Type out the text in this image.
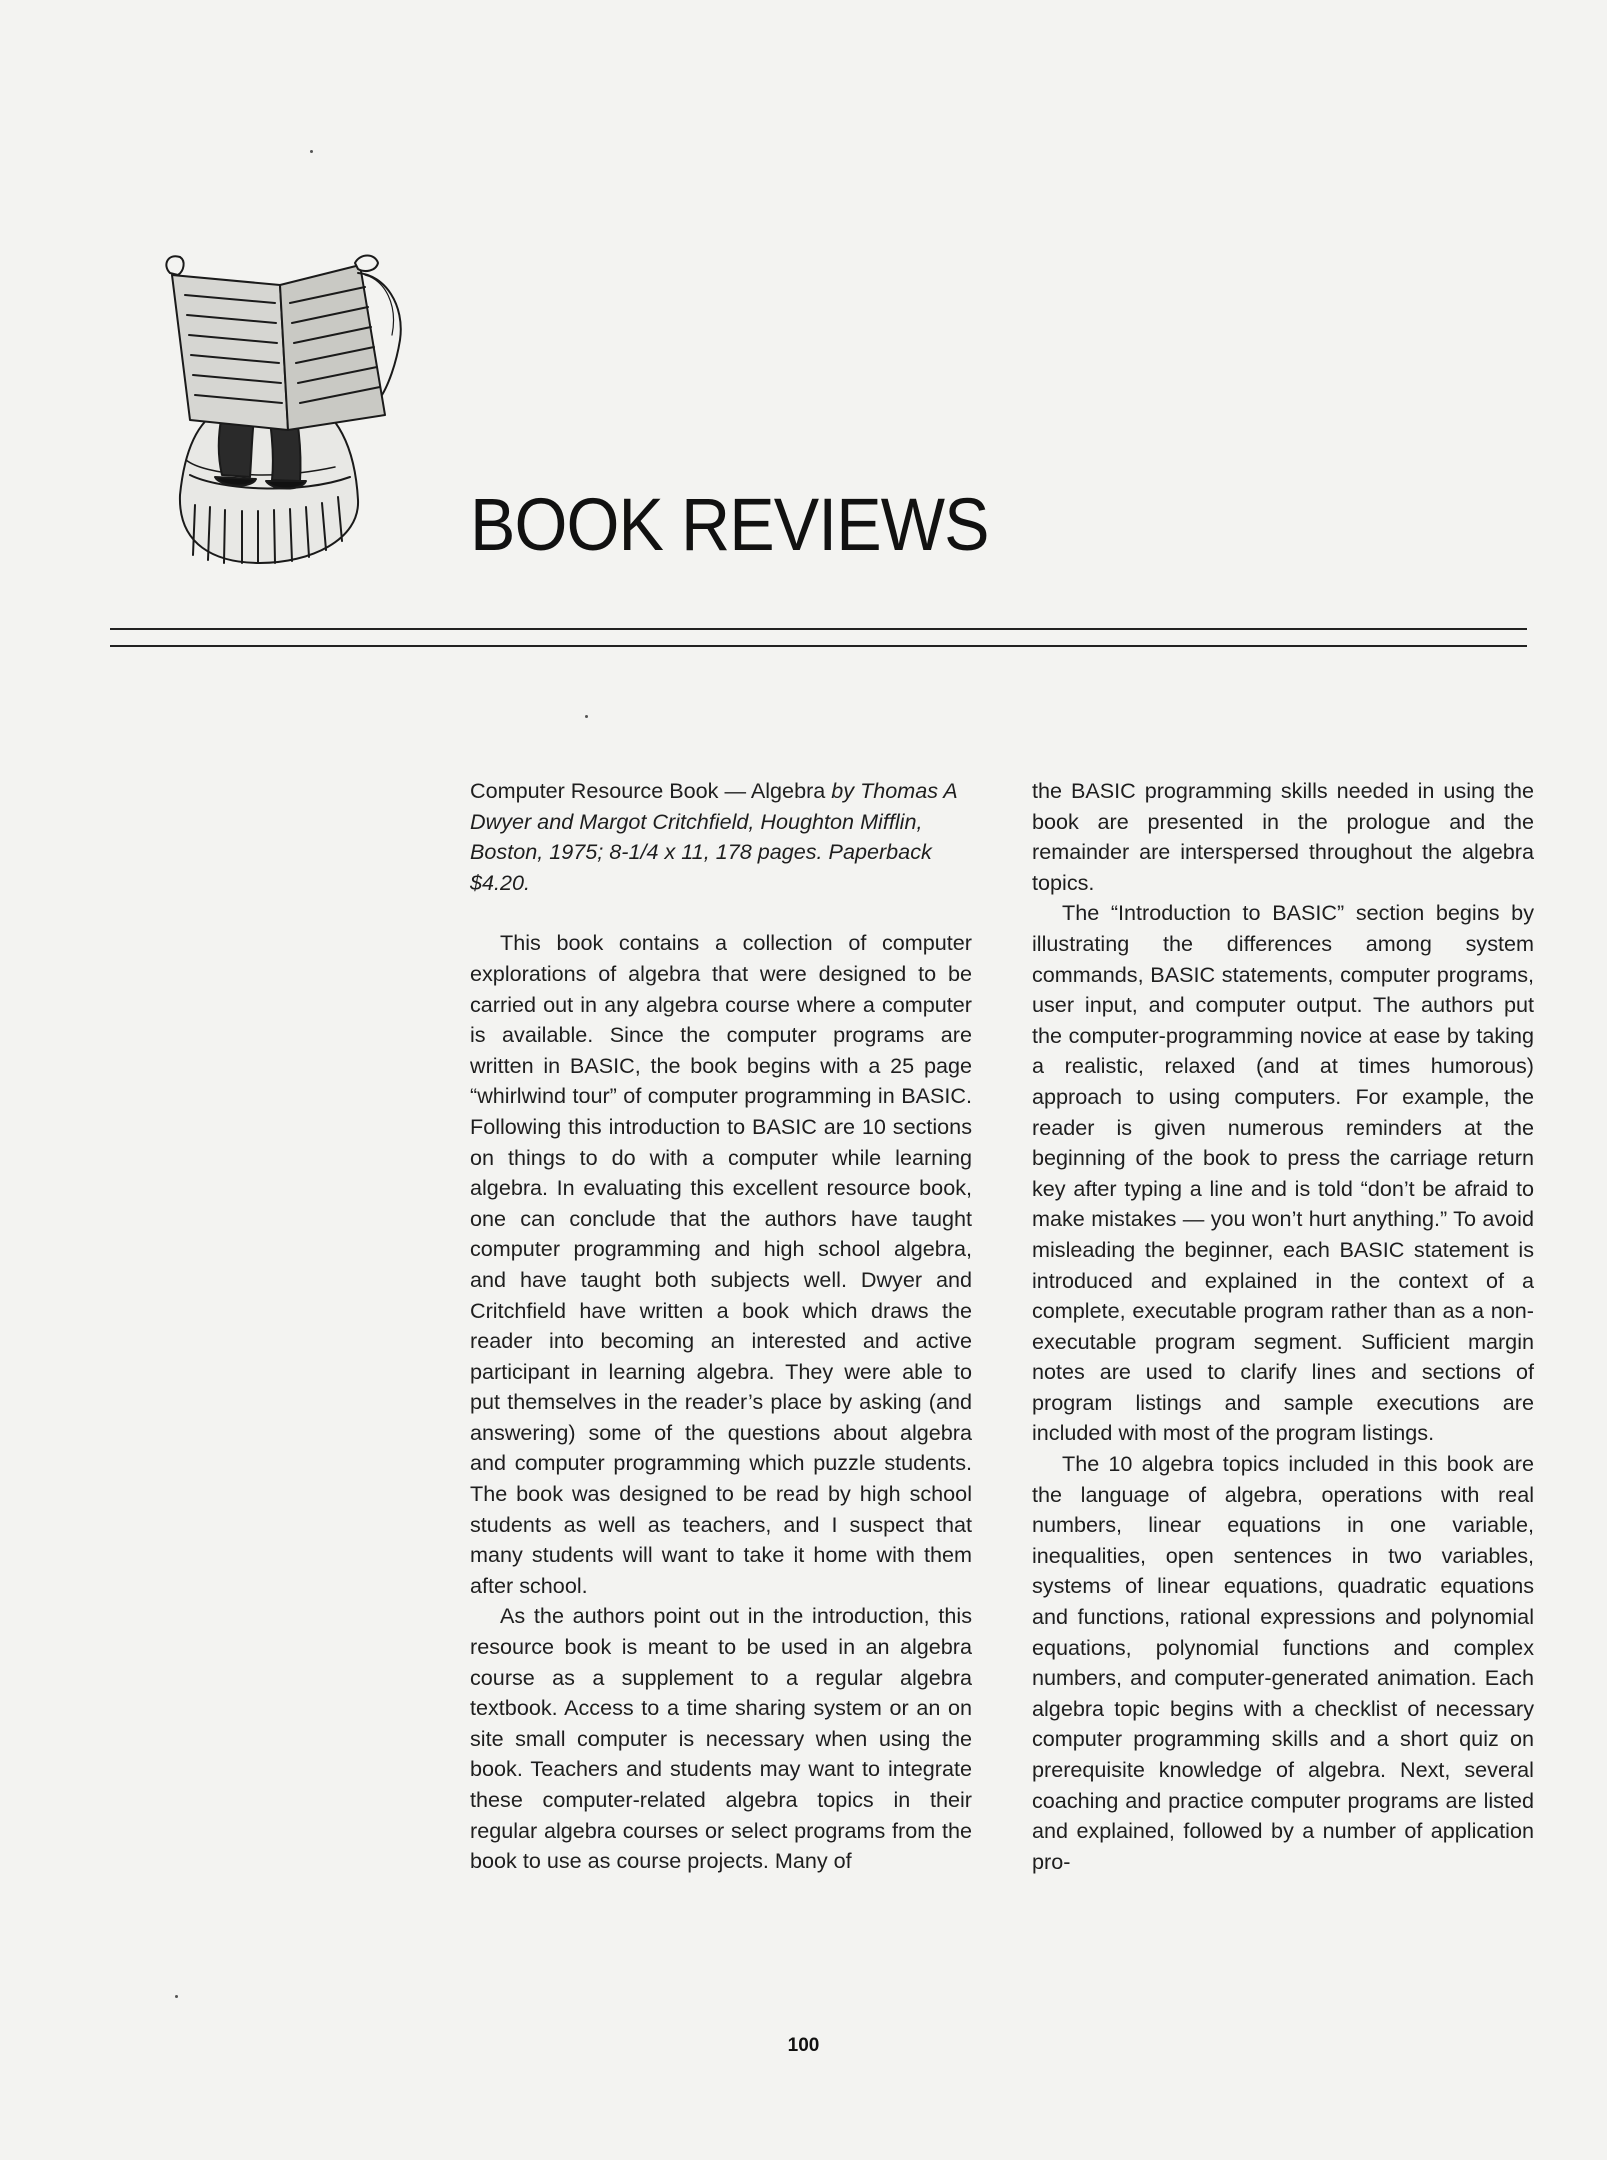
BOOK REVIEWS

Computer Resource Book — Algebra by Thomas A Dwyer and Margot Critchfield, Houghton Mifflin, Boston, 1975; 8-1/4 x 11, 178 pages. Paperback $4.20.

This book contains a collection of computer explorations of algebra that were designed to be carried out in any algebra course where a computer is available. Since the computer programs are written in BASIC, the book begins with a 25 page “whirlwind tour” of computer programming in BASIC. Following this introduction to BASIC are 10 sections on things to do with a computer while learning algebra. In evaluating this excellent resource book, one can conclude that the authors have taught computer programming and high school algebra, and have taught both subjects well. Dwyer and Critchfield have written a book which draws the reader into becoming an interested and active participant in learning algebra. They were able to put themselves in the reader’s place by asking (and answering) some of the questions about algebra and computer programming which puzzle students. The book was designed to be read by high school students as well as teachers, and I suspect that many students will want to take it home with them after school.

As the authors point out in the introduction, this resource book is meant to be used in an algebra course as a supplement to a regular algebra textbook. Access to a time sharing system or an on site small computer is necessary when using the book. Teachers and students may want to integrate these computer-related algebra topics in their regular algebra courses or select programs from the book to use as course projects. Many of

the BASIC programming skills needed in using the book are presented in the prologue and the remainder are interspersed throughout the algebra topics.

The “Introduction to BASIC” section begins by illustrating the differences among system commands, BASIC statements, computer programs, user input, and computer output. The authors put the computer-programming novice at ease by taking a realistic, relaxed (and at times humorous) approach to using computers. For example, the reader is given numerous reminders at the beginning of the book to press the carriage return key after typing a line and is told “don’t be afraid to make mistakes — you won’t hurt anything.” To avoid misleading the beginner, each BASIC statement is introduced and explained in the context of a complete, executable program rather than as a non-executable program segment. Sufficient margin notes are used to clarify lines and sections of program listings and sample executions are included with most of the program listings.

The 10 algebra topics included in this book are the language of algebra, operations with real numbers, linear equations in one variable, inequalities, open sentences in two variables, systems of linear equations, quadratic equations and functions, rational expressions and polynomial equations, polynomial functions and complex numbers, and computer-generated animation. Each algebra topic begins with a checklist of necessary computer programming skills and a short quiz on prerequisite knowledge of algebra. Next, several coaching and practice computer programs are listed and explained, followed by a number of application pro-

100
